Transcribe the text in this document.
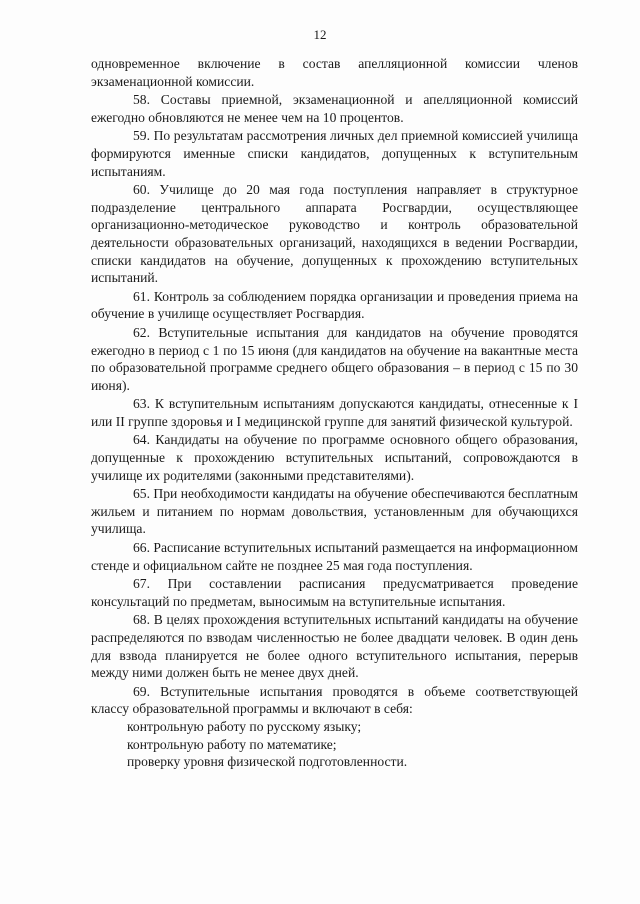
12

одновременное включение в состав апелляционной комиссии членов экзаменационной комиссии.

58. Составы приемной, экзаменационной и апелляционной комиссий ежегодно обновляются не менее чем на 10 процентов.

59. По результатам рассмотрения личных дел приемной комиссией училища формируются именные списки кандидатов, допущенных к вступительным испытаниям.

60. Училище до 20 мая года поступления направляет в структурное подразделение центрального аппарата Росгвардии, осуществляющее организационно-методическое руководство и контроль образовательной деятельности образовательных организаций, находящихся в ведении Росгвардии, списки кандидатов на обучение, допущенных к прохождению вступительных испытаний.

61. Контроль за соблюдением порядка организации и проведения приема на обучение в училище осуществляет Росгвардия.

62. Вступительные испытания для кандидатов на обучение проводятся ежегодно в период с 1 по 15 июня (для кандидатов на обучение на вакантные места по образовательной программе среднего общего образования – в период с 15 по 30 июня).

63. К вступительным испытаниям допускаются кандидаты, отнесенные к I или II группе здоровья и I медицинской группе для занятий физической культурой.

64. Кандидаты на обучение по программе основного общего образования, допущенные к прохождению вступительных испытаний, сопровождаются в училище их родителями (законными представителями).

65. При необходимости кандидаты на обучение обеспечиваются бесплатным жильем и питанием по нормам довольствия, установленным для обучающихся училища.

66. Расписание вступительных испытаний размещается на информационном стенде и официальном сайте не позднее 25 мая года поступления.

67. При составлении расписания предусматривается проведение консультаций по предметам, выносимым на вступительные испытания.

68. В целях прохождения вступительных испытаний кандидаты на обучение распределяются по взводам численностью не более двадцати человек. В один день для взвода планируется не более одного вступительного испытания, перерыв между ними должен быть не менее двух дней.

69. Вступительные испытания проводятся в объеме соответствующей классу образовательной программы и включают в себя:

контрольную работу по русскому языку;

контрольную работу по математике;

проверку уровня физической подготовленности.
